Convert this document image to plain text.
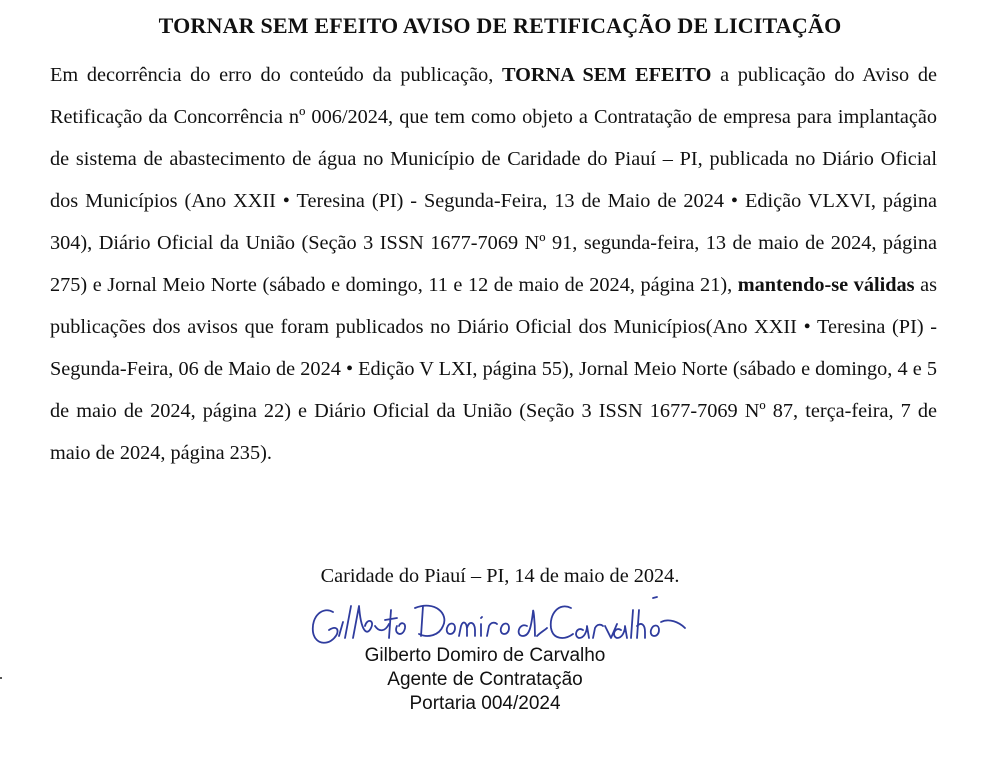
TORNAR SEM EFEITO AVISO DE RETIFICAÇÃO DE LICITAÇÃO

Em decorrência do erro do conteúdo da publicação, TORNA SEM EFEITO a publicação do Aviso de Retificação da Concorrência nº 006/2024, que tem como objeto a Contratação de empresa para implantação de sistema de abastecimento de água no Município de Caridade do Piauí – PI, publicada no Diário Oficial dos Municípios (Ano XXII • Teresina (PI) - Segunda-Feira, 13 de Maio de 2024 • Edição VLXVI, página 304), Diário Oficial da União (Seção 3 ISSN 1677-7069 Nº 91, segunda-feira, 13 de maio de 2024, página 275) e Jornal Meio Norte (sábado e domingo, 11 e 12 de maio de 2024, página 21), mantendo-se válidas as publicações dos avisos que foram publicados no Diário Oficial dos Municípios(Ano XXII • Teresina (PI) - Segunda-Feira, 06 de Maio de 2024 • Edição V LXI, página 55), Jornal Meio Norte (sábado e domingo, 4 e 5 de maio de 2024, página 22) e Diário Oficial da União (Seção 3 ISSN 1677-7069 Nº 87, terça-feira, 7 de maio de 2024, página 235).

Caridade do Piauí – PI, 14 de maio de 2024.

Gilberto Domiro de Carvalho
Agente de Contratação
Portaria 004/2024
